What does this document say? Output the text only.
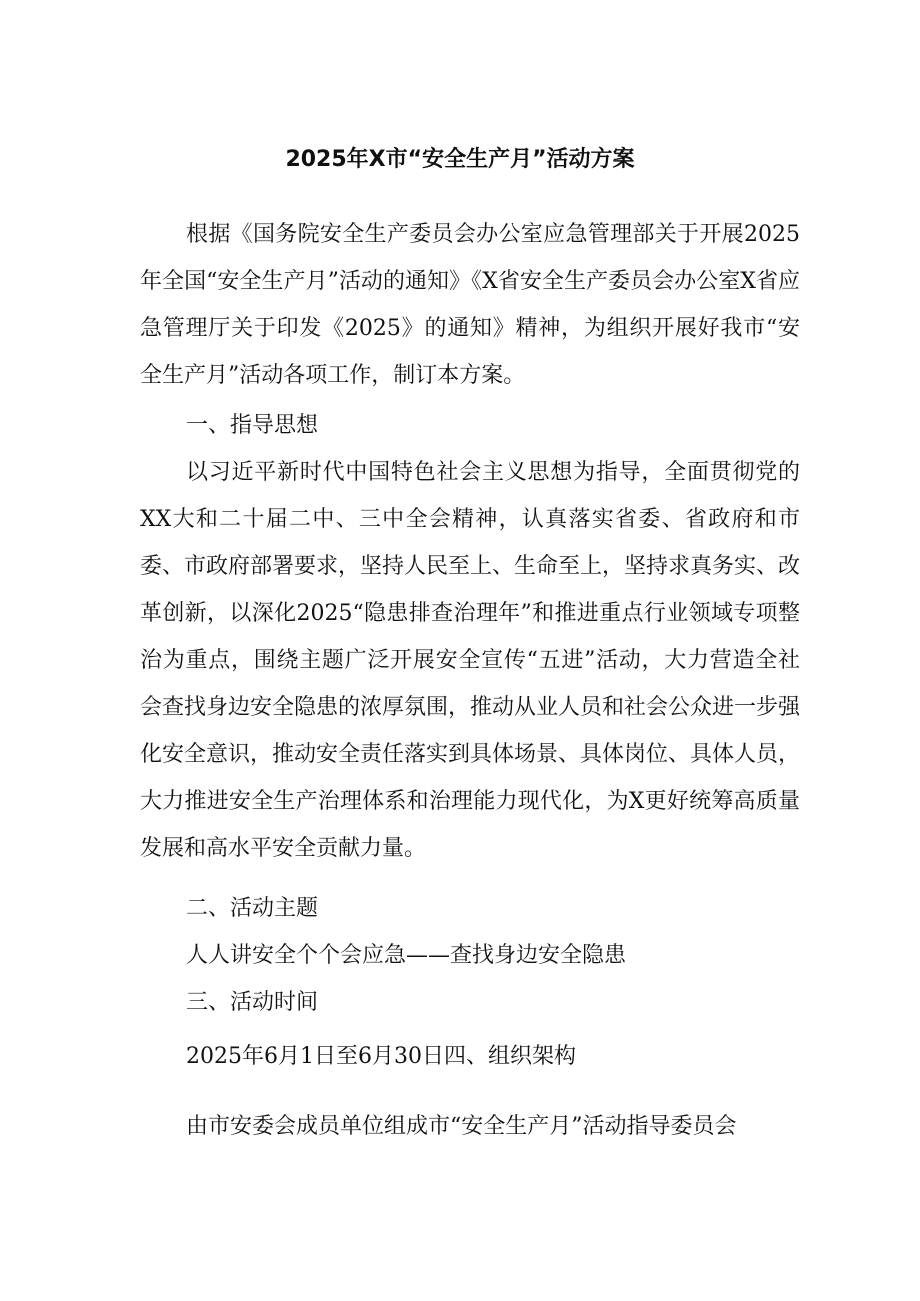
2025年X市“安全生产月”活动方案

根据《国务院安全生产委员会办公室应急管理部关于开展2025年全国“安全生产月”活动的通知》《X省安全生产委员会办公室X省应急管理厅关于印发《2025》的通知》精神，为组织开展好我市“安全生产月”活动各项工作，制订本方案。

一、指导思想

以习近平新时代中国特色社会主义思想为指导，全面贯彻党的XX大和二十届二中、三中全会精神，认真落实省委、省政府和市委、市政府部署要求，坚持人民至上、生命至上，坚持求真务实、改革创新，以深化2025“隐患排查治理年”和推进重点行业领域专项整治为重点，围绕主题广泛开展安全宣传“五进”活动，大力营造全社会查找身边安全隐患的浓厚氛围，推动从业人员和社会公众进一步强化安全意识，推动安全责任落实到具体场景、具体岗位、具体人员，大力推进安全生产治理体系和治理能力现代化，为X更好统筹高质量发展和高水平安全贡献力量。

二、活动主题
人人讲安全个个会应急——查找身边安全隐患
三、活动时间
2025年6月1日至6月30日四、组织架构
由市安委会成员单位组成市“安全生产月”活动指导委员会
